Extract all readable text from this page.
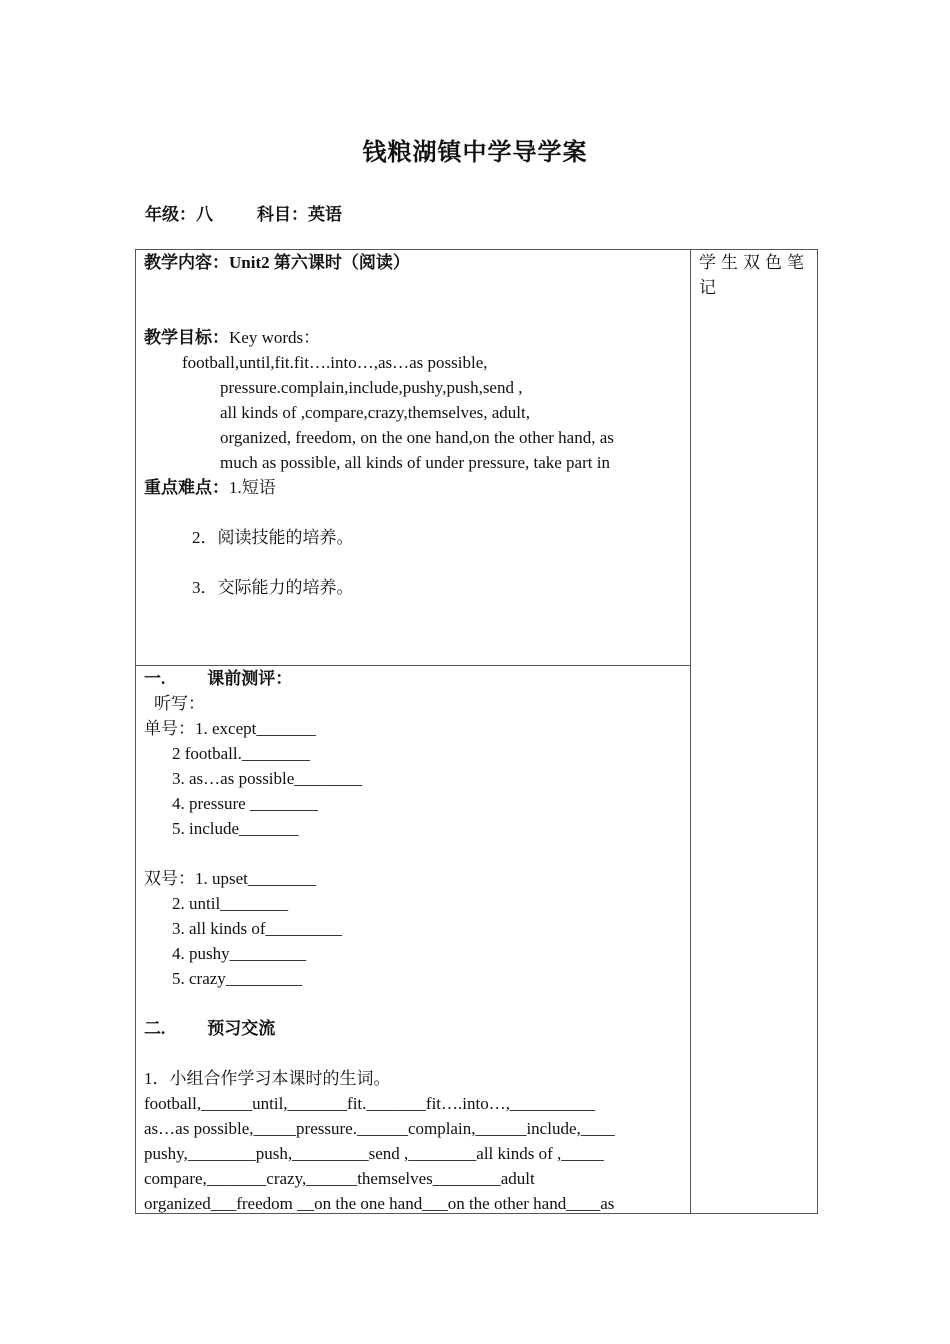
钱粮湖镇中学导学案
年级：八	科目：英语
教学内容：Unit2 第六课时（阅读）
教学目标：Key words：
football,until,fit.fit….into…,as…as possible,
pressure.complain,include,pushy,push,send ,
all kinds of ,compare,crazy,themselves, adult,
organized, freedom, on the one hand,on the other hand, as
much as possible, all kinds of under pressure, take part in
重点难点：1.短语
2．阅读技能的培养。
3．交际能力的培养。

学生双色笔记

一. 课前测评：
听写：
单号：1. except_______
2 football.________
3. as…as possible________
4. pressure ________
5. include_______
双号：1. upset________
2. until________
3. all kinds of_________
4. pushy_________
5. crazy_________
二. 预习交流
1．小组合作学习本课时的生词。
football,______until,_______fit._______fit….into…,__________
as…as possible,_____pressure.______complain,______include,____
pushy,________push,_________send ,________all kinds of ,_____
compare,_______crazy,______themselves________adult
organized___freedom __on the one hand___on the other hand____as
